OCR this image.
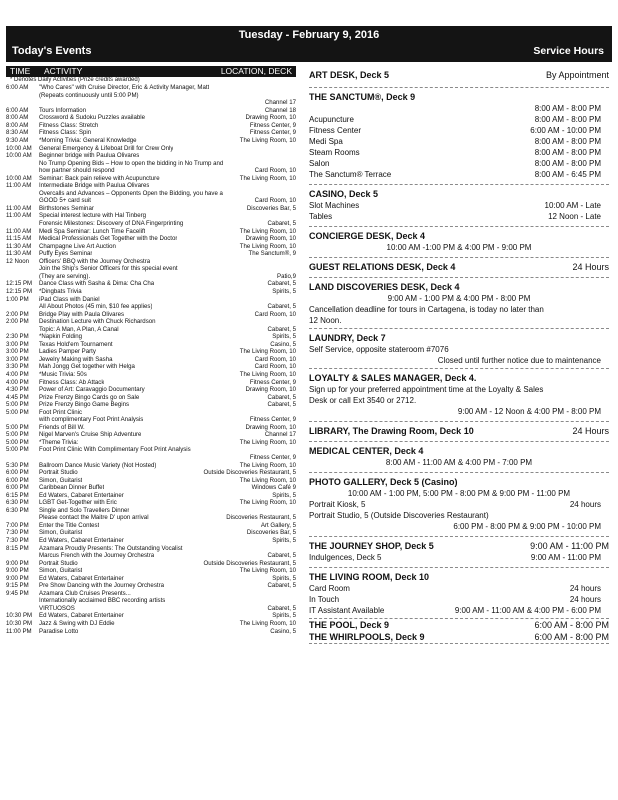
Tuesday - February 9, 2016
Today's Events	Service Hours
TIME ACTIVITY	LOCATION, DECK
* Denotes Daily Activities (Prize credits awarded)
6:00 AM	"Who Cares" with Cruise Director, Eric & Activity Manager, Matt
(Repeats continuously until 5:00 PM)
Channel 17
6:00 AM	Tours Information	Channel 18
8:00 AM	Crossword & Sudoku Puzzles available	Drawing Room, 10
8:00 AM	Fitness Class: Stretch	Fitness Center, 9
8:30 AM	Fitness Class: Spin	Fitness Center, 9
9:30 AM	*Morning Trivia: General Knowledge	The Living Room, 10
10:00 AM	General Emergency & Lifeboat Drill for Crew Only
10:00 AM	Beginner bridge with Paulua Olivares
No Trump Opening Bids – How to open the bidding in No Trump and
how partner should respond	Card Room, 10
10:00 AM	Seminar: Back pain relieve with Acupuncture	The Living Room, 10
11:00 AM	Intermediate Bridge with Paulua Olivares
Overcalls and Advances – Opponents Open the Bidding, you have a
GOOD 5+ card suit	Card Room, 10
11:00 AM	Birthstones Seminar	Discoveries Bar, 5
11:00 AM	Special interest lecture with Hal Tinberg
Forensic Milestones: Discovery of DNA Fingerprinting	Cabaret, 5
11:00 AM	Medi Spa Seminar: Lunch Time Facelift	The Living Room, 10
11:15 AM	Medical Professionals Get Together with the Doctor	Drawing Room, 10
11:30 AM	Champagne Live Art Auction	The Living Room, 10
11:30 AM	Puffy Eyes Seminar	The Sanctum®, 9
12 Noon	Officers' BBQ with the Journey Orchestra
Join the Ship's Senior Officers for this special event
(They are serving).	Patio,9
12:15 PM	Dance Class with Sasha & Dima: Cha Cha	Cabaret, 5
12:15 PM	*Dingbats Trivia	Spirits, 5
1:00 PM	iPad Class with Daniel
All About Photos (45 min, $10 fee applies)	Cabaret, 5
2:00 PM	Bridge Play with Paula Olivares	Card Room, 10
2:00 PM	Destination Lecture with Chuck Richardson
Topic: A Man, A Plan, A Canal	Cabaret, 5
2:30 PM	*Napkin Folding	Spirits, 5
3:00 PM	Texas Hold'em Tournament	Casino, 5
3:00 PM	Ladies Pamper Party	The Living Room, 10
3:00 PM	Jewelry Making with Sasha	Card Room, 10
3:30 PM	Mah Jongg Get together with Helga	Card Room, 10
4:00 PM	*Music Trivia: 50s	The Living Room, 10
4:00 PM	Fitness Class: Ab Attack	Fitness Center, 9
4:30 PM	Power of Art: Caravaggio Documentary	Drawing Room, 10
4:45 PM	Prize Frenzy Bingo Cards go on Sale	Cabaret, 5
5:00 PM	Prize Frenzy Bingo Game Begins	Cabaret, 5
5:00 PM	Foot Print Clinic
with complimentary Foot Print Analysis	Fitness Center, 9
5:00 PM	Friends of Bill W.	Drawing Room, 10
5:00 PM	Nigel Marven's Cruise Ship Adventure	Channel 17
5:00 PM	*Theme Trivia:	The Living Room, 10
5:00 PM	Foot Print Clinic With Complimentary Foot Print Analysis
Fitness Center, 9
5:30 PM	Ballroom Dance Music Variety (Not Hosted)	The Living Room, 10
6:00 PM	Portrait Studio	Outside Discoveries Restaurant, 5
6:00 PM	Simon, Guitarist	The Living Room, 10
6:00 PM	Caribbean Dinner Buffet	Windows Café 9
6:15 PM	Ed Waters, Cabaret Entertainer	Spirits, 5
6:30 PM	LGBT Get-Together with Eric	The Living Room, 10
6:30 PM	Single and Solo Travellers Dinner
Please contact the Maitre D' upon arrival	Discoveries Restaurant, 5
7:00 PM	Enter the Title Contest	Art Gallery, 5
7:30 PM	Simon, Guitarist	Discoveries Bar, 5
7:30 PM	Ed Waters, Cabaret Entertainer	Spirits, 5
8:15 PM	Azamara Proudly Presents: The Outstanding Vocalist
Marcus French with the Journey Orchestra	Cabaret, 5
9:00 PM	Portrait Studio	Outside Discoveries Restaurant, 5
9:00 PM	Simon, Guitarist	The Living Room, 10
9:00 PM	Ed Waters, Cabaret Entertainer	Spirits, 5
9:15 PM	Pre Show Dancing with the Journey Orchestra	Cabaret, 5
9:45 PM	Azamara Club Cruises Presents...
Internationally acclaimed BBC recording artists
VIRTUOSOS	Cabaret, 5
10:30 PM	Ed Waters, Cabaret Entertainer	Spirits, 5
10:30 PM	Jazz & Swing with DJ Eddie	The Living Room, 10
11:00 PM	Paradise Lotto	Casino, 5
ART DESK, Deck 5	By Appointment
THE SANCTUM®, Deck 9
8:00 AM - 8:00 PM
Acupuncture	8:00 AM - 8:00 PM
Fitness Center	6:00 AM - 10:00 PM
Medi Spa	8:00 AM - 8:00 PM
Steam Rooms	8:00 AM - 8:00 PM
Salon	8:00 AM - 8:00 PM
The Sanctum® Terrace	8:00 AM - 6:45 PM
CASINO, Deck 5
Slot Machines	10:00 AM - Late
Tables	12 Noon - Late
CONCIERGE DESK, Deck 4
10:00 AM -1:00 PM & 4:00 PM - 9:00 PM
GUEST RELATIONS DESK, Deck 4	24 Hours
LAND DISCOVERIES DESK, Deck 4
9:00 AM - 1:00 PM & 4:00 PM - 8:00 PM
Cancellation deadline for tours in Cartagena, is today no later than
12 Noon.
LAUNDRY, Deck 7
Self Service, opposite stateroom #7076
Closed until further notice due to maintenance
LOYALTY & SALES MANAGER, Deck 4.
Sign up for your preferred appointment time at the Loyalty & Sales
Desk or call Ext 3540 or 2712.
9:00 AM - 12 Noon & 4:00 PM - 8:00 PM
LIBRARY, The Drawing Room, Deck 10	24 Hours
MEDICAL CENTER, Deck 4
8:00 AM - 11:00 AM & 4:00 PM - 7:00 PM
PHOTO GALLERY, Deck 5 (Casino)
10:00 AM - 1:00 PM, 5:00 PM - 8:00 PM & 9:00 PM - 11:00 PM
Portrait Kiosk, 5	24 hours
Portrait Studio, 5 (Outside Discoveries Restaurant)
6:00 PM - 8:00 PM & 9:00 PM - 10:00 PM
THE JOURNEY SHOP, Deck 5	9:00 AM - 11:00 PM
Indulgences, Deck 5	9:00 AM - 11:00 PM
THE LIVING ROOM, Deck 10
Card Room	24 hours
In Touch	24 hours
IT Assistant Available	9:00 AM - 11:00 AM & 4:00 PM - 6:00 PM
THE POOL, Deck 9	6:00 AM - 8:00 PM
THE WHIRLPOOLS, Deck 9	6:00 AM - 8:00 PM
